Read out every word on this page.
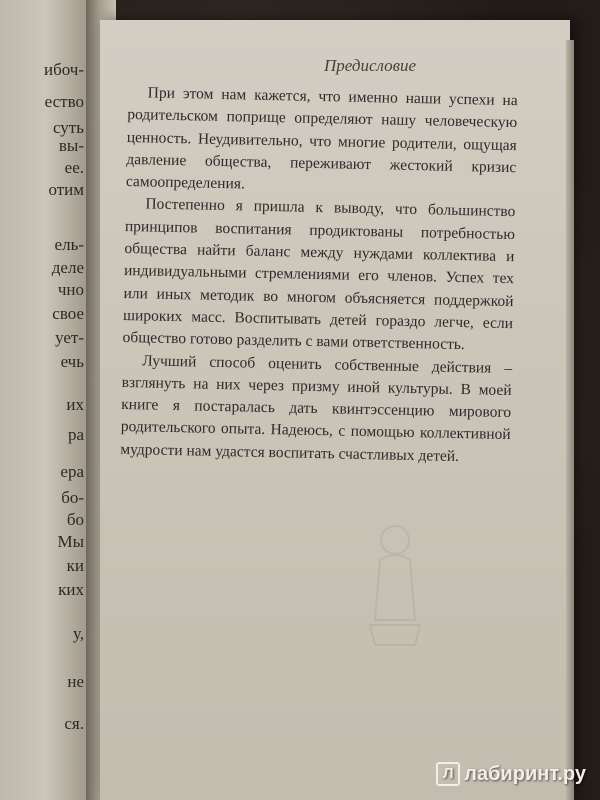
ибоч-
ество
суть
вы-
ее.
отим
ель-
деле
чно
свое
ует-
ечь
их
ра
ера
бо-
бо
Мы
ки
ких
у,
не
ся.
Предисловие

При этом нам кажется, что именно наши успехи на родительском поприще определяют нашу человеческую ценность. Неудивительно, что многие родители, ощущая давление общества, переживают жестокий кризис самоопределения.

Постепенно я пришла к выводу, что большинство принципов воспитания продиктованы потребностью общества найти баланс между нуждами коллектива и индивидуальными стремлениями его членов. Успех тех или иных методик во многом объясняется поддержкой широких масс. Воспитывать детей гораздо легче, если общество готово разделить с вами ответственность.

Лучший способ оценить собственные действия – взглянуть на них через призму иной культуры. В моей книге я постаралась дать квинтэссенцию мирового родительского опыта. Надеюсь, с помощью коллективной мудрости нам удастся воспитать счастливых детей.

Л лабиринт.ру
